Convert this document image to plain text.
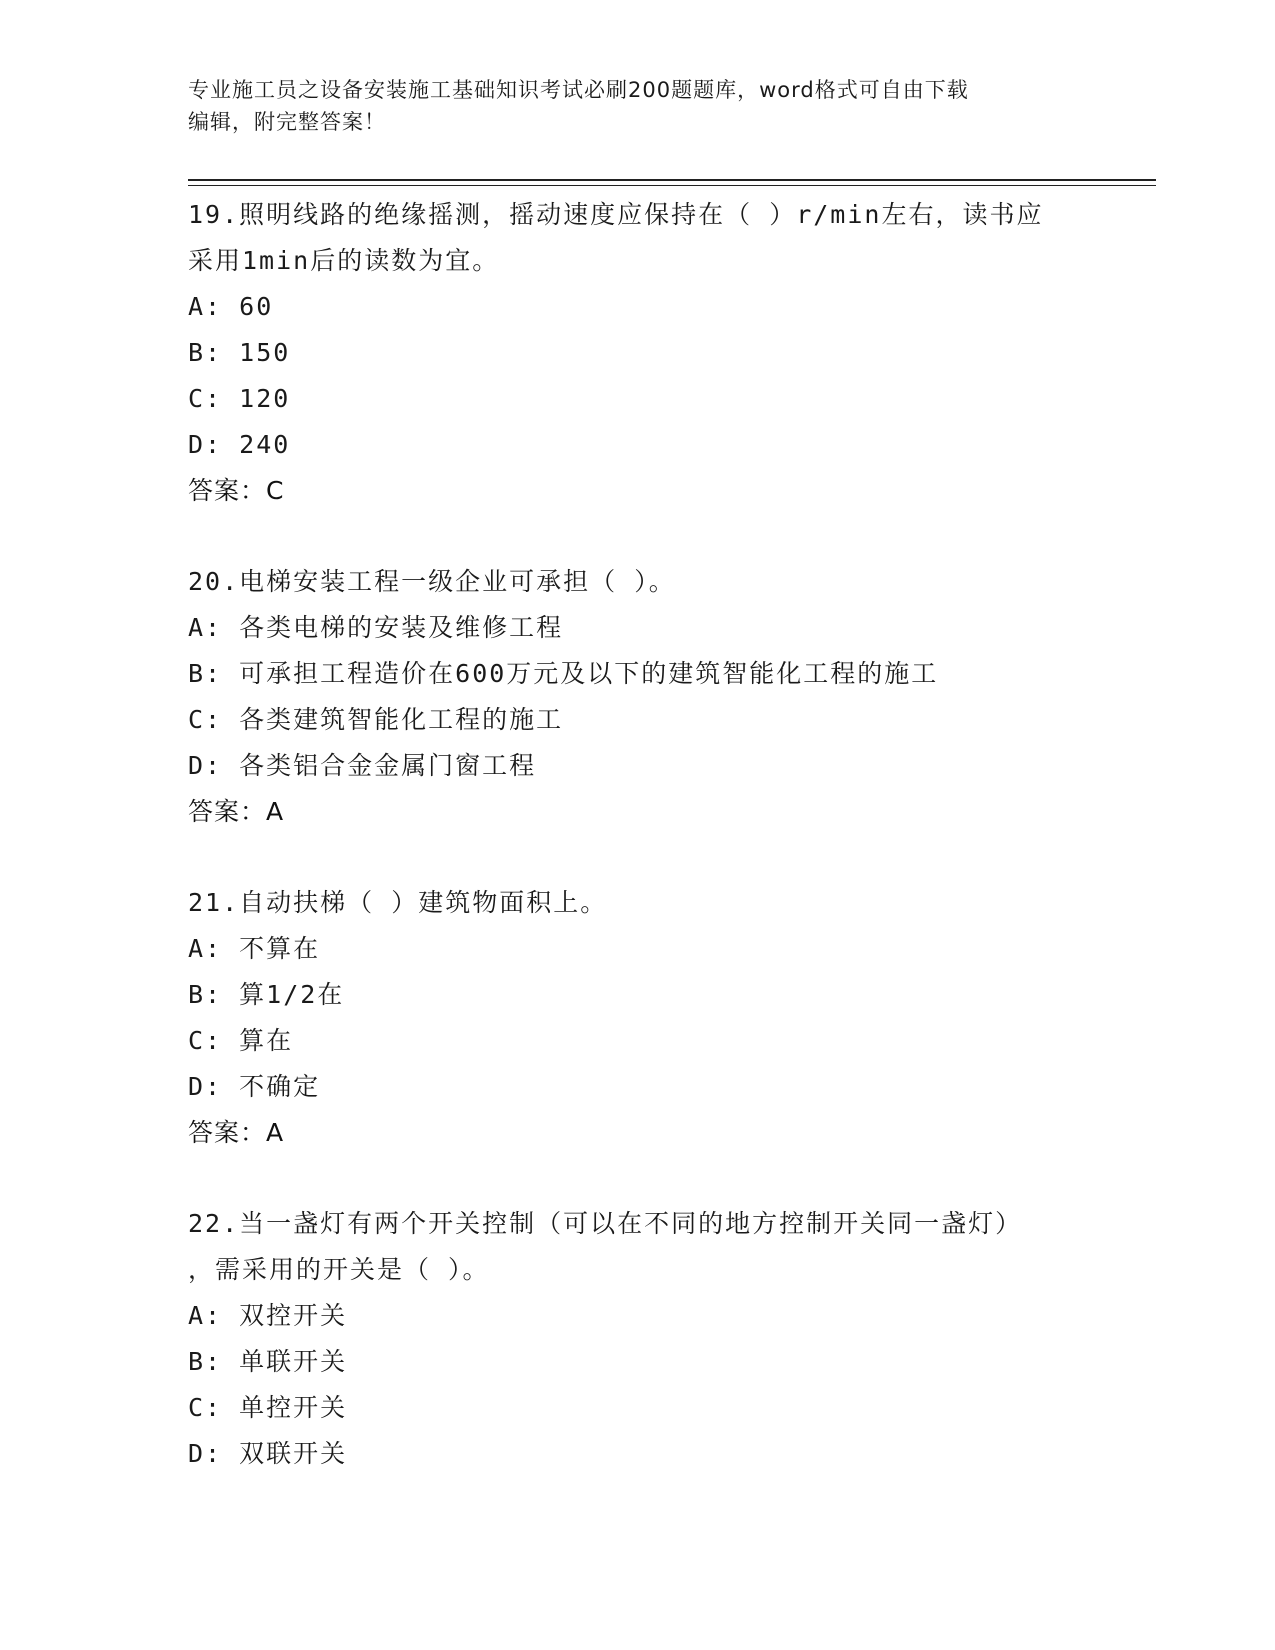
专业施工员之设备安装施工基础知识考试必刷200题题库，word格式可自由下载
编辑，附完整答案！
19.照明线路的绝缘摇测，摇动速度应保持在（ ）r/min左右，读书应
采用1min后的读数为宜。
A: 60
B: 150
C: 120
D: 240
答案：C
20.电梯安装工程一级企业可承担（ ）。
A: 各类电梯的安装及维修工程
B: 可承担工程造价在600万元及以下的建筑智能化工程的施工
C: 各类建筑智能化工程的施工
D: 各类铝合金金属门窗工程
答案：A
21.自动扶梯（ ）建筑物面积上。
A: 不算在
B: 算1/2在
C: 算在
D: 不确定
答案：A
22.当一盏灯有两个开关控制（可以在不同的地方控制开关同一盏灯）
，需采用的开关是（ ）。
A: 双控开关
B: 单联开关
C: 单控开关
D: 双联开关
